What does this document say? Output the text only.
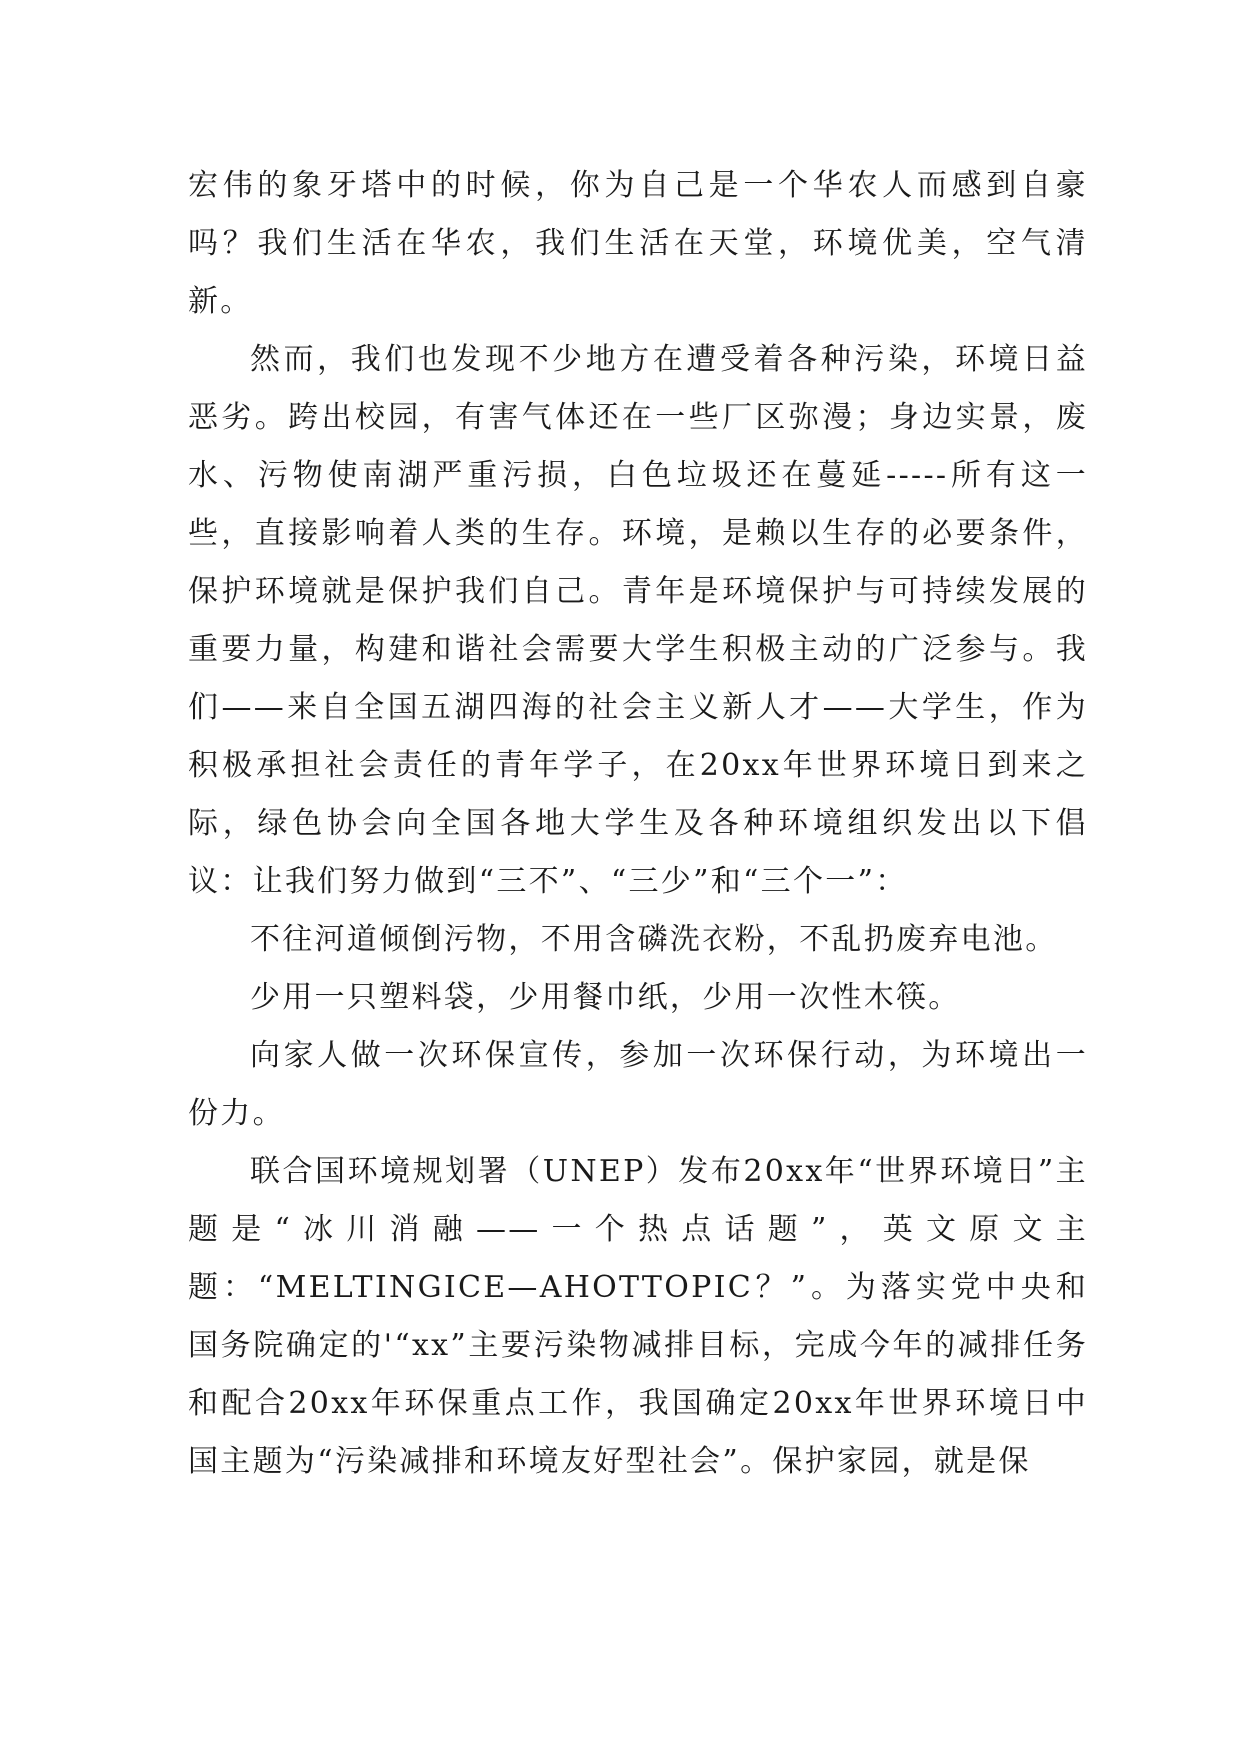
宏伟的象牙塔中的时候，你为自己是一个华农人而感到自豪吗？我们生活在华农，我们生活在天堂，环境优美，空气清新。

然而，我们也发现不少地方在遭受着各种污染，环境日益恶劣。跨出校园，有害气体还在一些厂区弥漫；身边实景，废水、污物使南湖严重污损，白色垃圾还在蔓延-----所有这一些，直接影响着人类的生存。环境，是赖以生存的必要条件，保护环境就是保护我们自己。青年是环境保护与可持续发展的重要力量，构建和谐社会需要大学生积极主动的广泛参与。我们——来自全国五湖四海的社会主义新人才——大学生，作为积极承担社会责任的青年学子，在20xx年世界环境日到来之际，绿色协会向全国各地大学生及各种环境组织发出以下倡议：让我们努力做到“三不”、“三少”和“三个一”：

不往河道倾倒污物，不用含磷洗衣粉，不乱扔废弃电池。

少用一只塑料袋，少用餐巾纸，少用一次性木筷。

向家人做一次环保宣传，参加一次环保行动，为环境出一份力。

联合国环境规划署（UNEP）发布20xx年“世界环境日”主题是“冰川消融——一个热点话题”，英文原文主题：“MELTINGICE—AHOTTOPIC？”。为落实党中央和国务院确定的'“xx”主要污染物减排目标，完成今年的减排任务和配合20xx年环保重点工作，我国确定20xx年世界环境日中国主题为“污染减排和环境友好型社会”。保护家园，就是保
